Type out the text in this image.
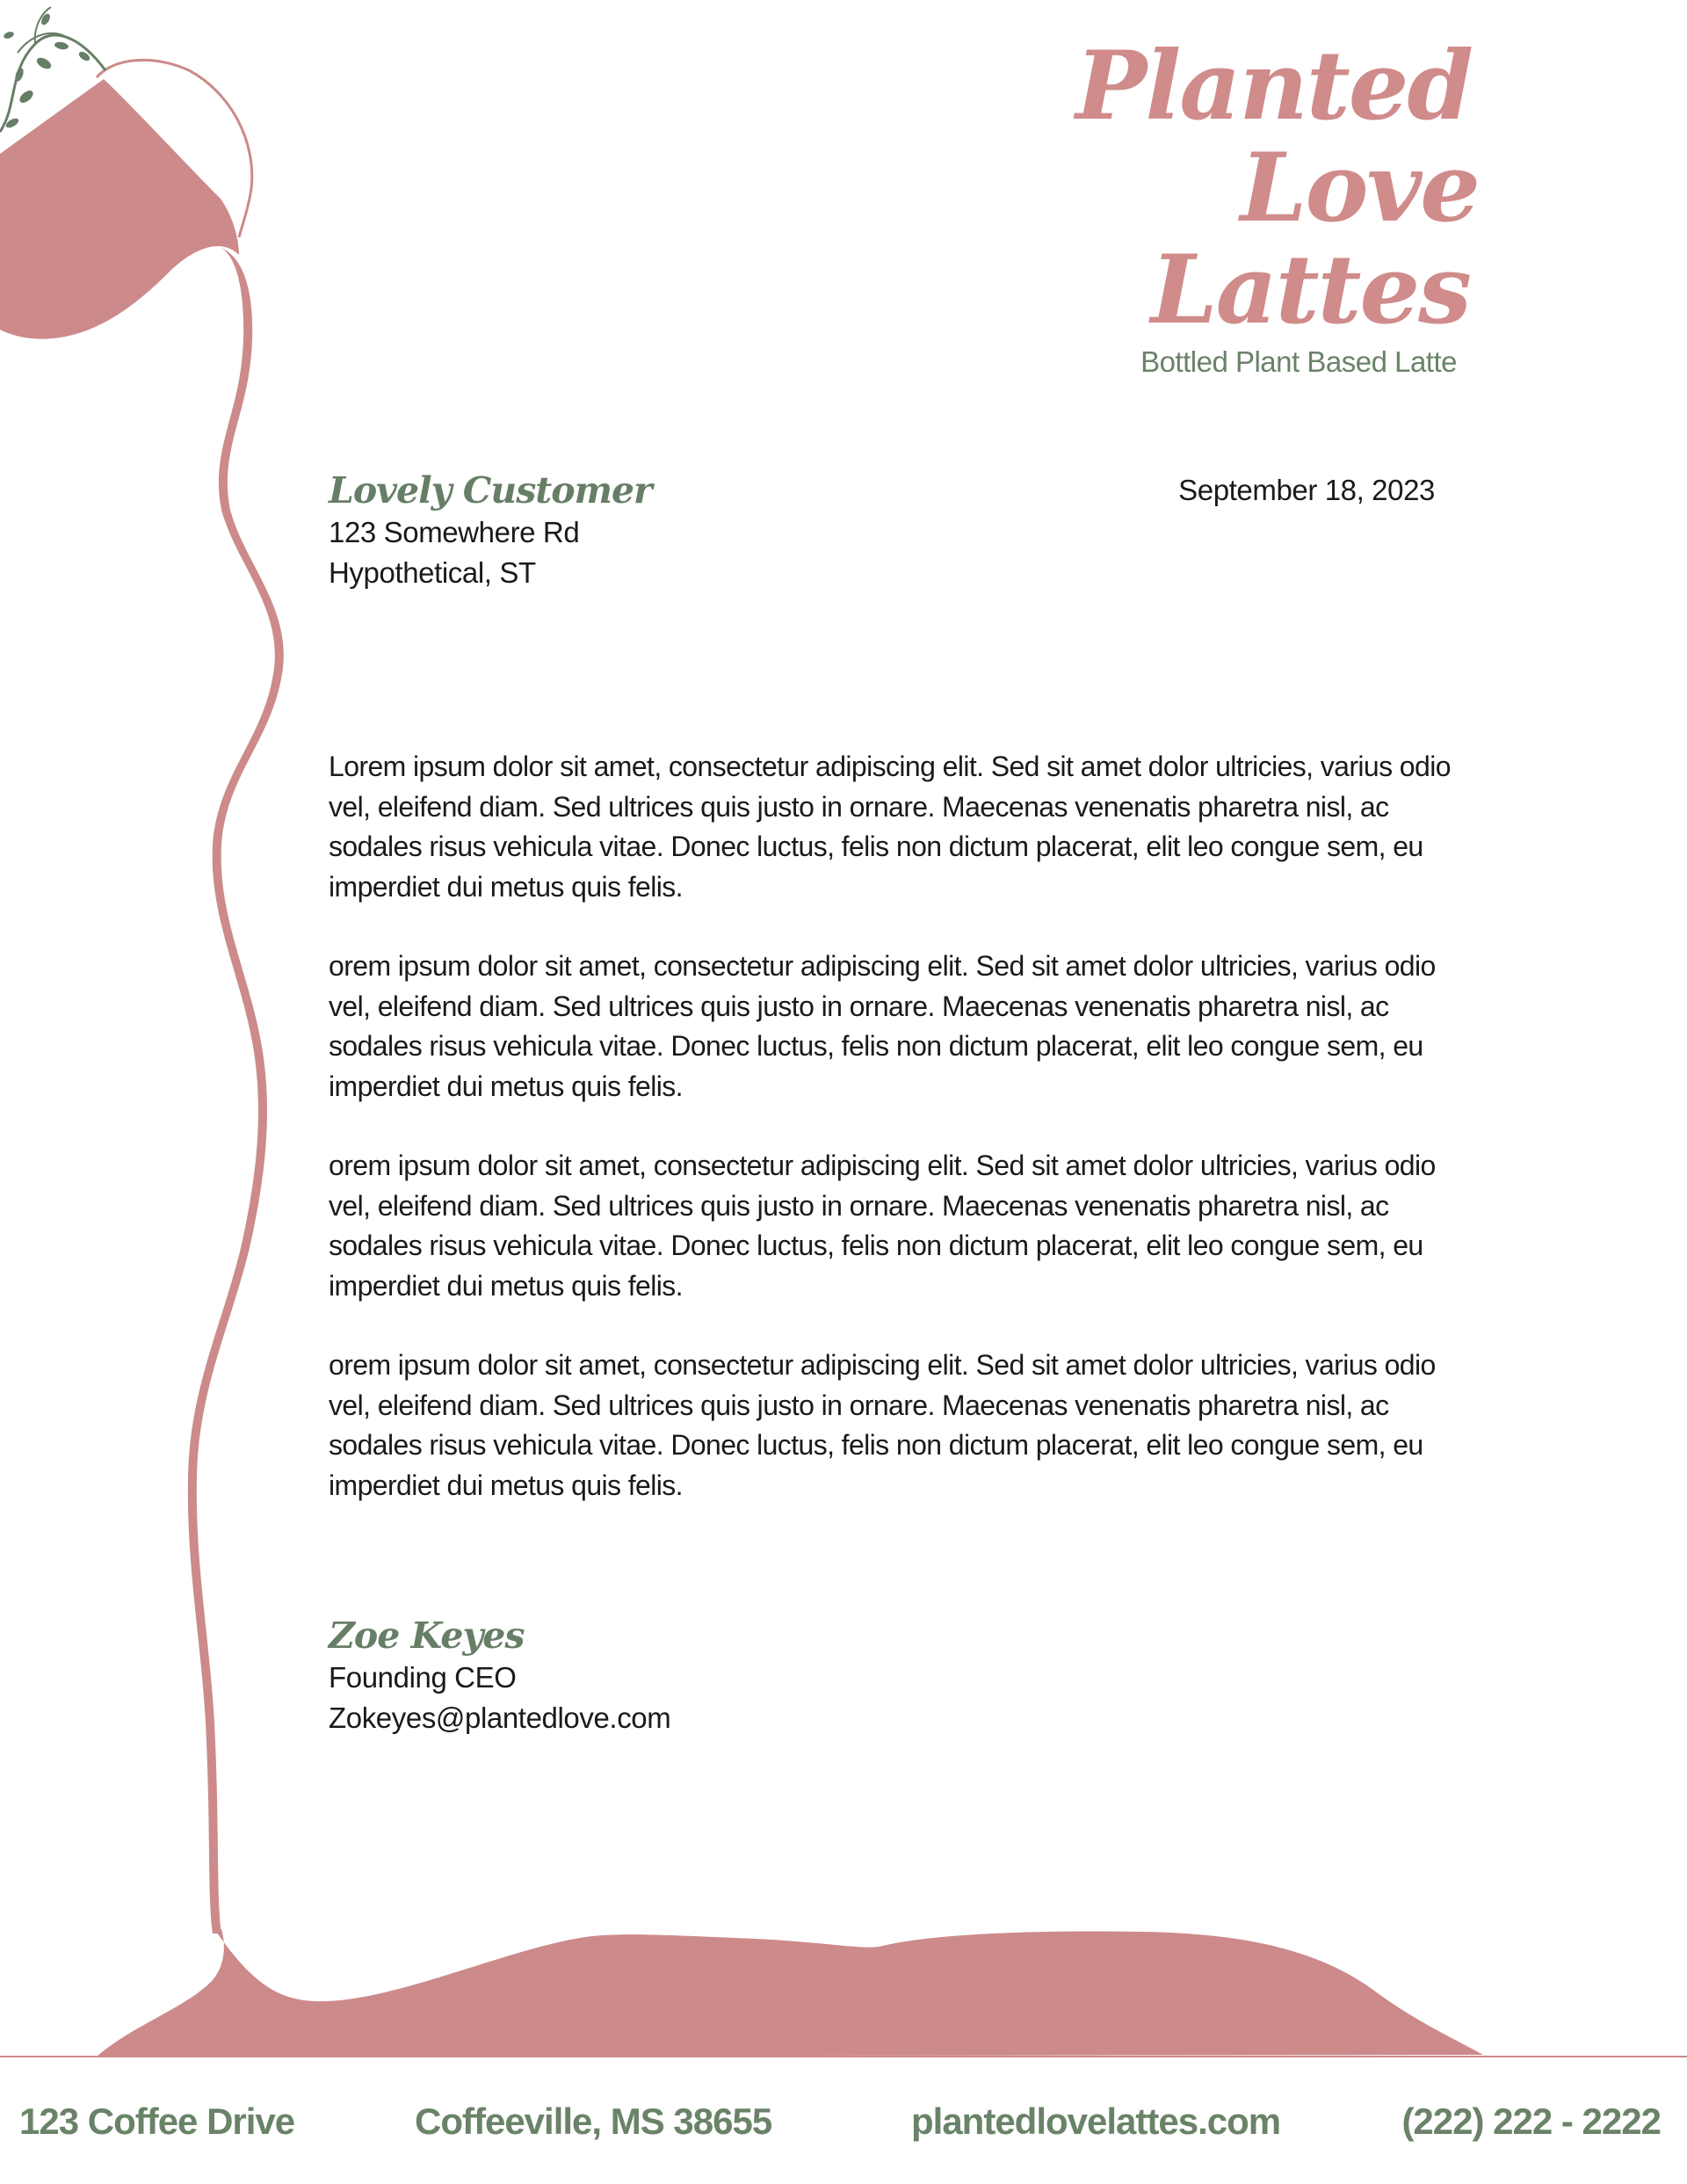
Planted
Love
Lattes
Bottled Plant Based Latte
Lovely Customer
123 Somewhere Rd
Hypothetical, ST
September 18, 2023

Lorem ipsum dolor sit amet, consectetur adipiscing elit. Sed sit amet dolor ultricies, varius odio vel, eleifend diam. Sed ultrices quis justo in ornare. Maecenas venenatis pharetra nisl, ac sodales risus vehicula vitae. Donec luctus, felis non dictum placerat, elit leo congue sem, eu imperdiet dui metus quis felis.

orem ipsum dolor sit amet, consectetur adipiscing elit. Sed sit amet dolor ultricies, varius odio vel, eleifend diam. Sed ultrices quis justo in ornare. Maecenas venenatis pharetra nisl, ac sodales risus vehicula vitae. Donec luctus, felis non dictum placerat, elit leo congue sem, eu imperdiet dui metus quis felis.

orem ipsum dolor sit amet, consectetur adipiscing elit. Sed sit amet dolor ultricies, varius odio vel, eleifend diam. Sed ultrices quis justo in ornare. Maecenas venenatis pharetra nisl, ac sodales risus vehicula vitae. Donec luctus, felis non dictum placerat, elit leo congue sem, eu imperdiet dui metus quis felis.

orem ipsum dolor sit amet, consectetur adipiscing elit. Sed sit amet dolor ultricies, varius odio vel, eleifend diam. Sed ultrices quis justo in ornare. Maecenas venenatis pharetra nisl, ac sodales risus vehicula vitae. Donec luctus, felis non dictum placerat, elit leo congue sem, eu imperdiet dui metus quis felis.

Zoe Keyes
Founding CEO
Zokeyes@plantedlove.com
123 Coffee Drive	Coffeeville, MS 38655	plantedlovelattes.com	(222) 222 - 2222
